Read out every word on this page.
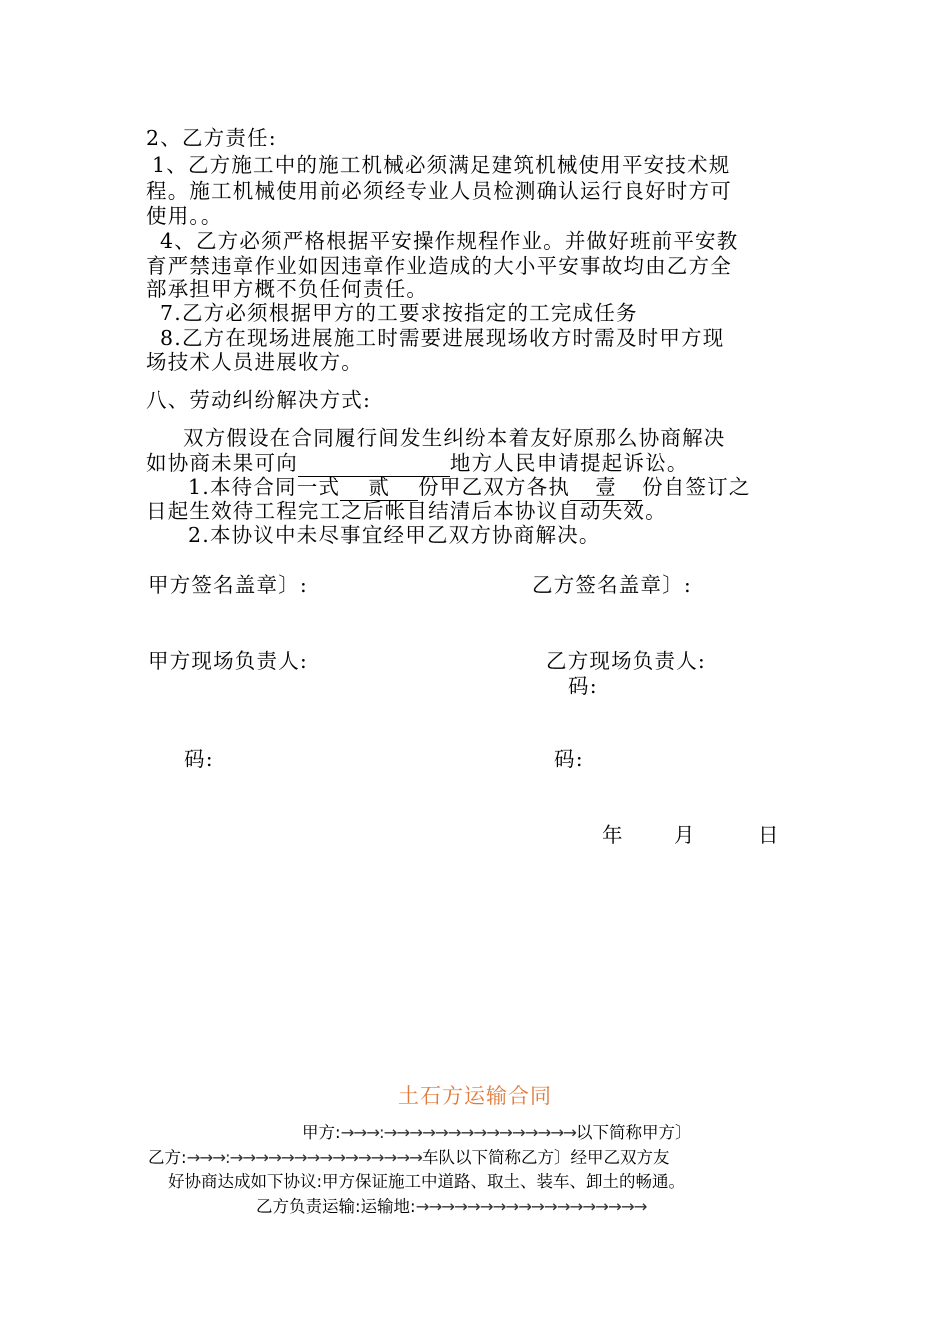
2、乙方责任:
1、乙方施工中的施工机械必须满足建筑机械使用平安技术规
程。施工机械使用前必须经专业人员检测确认运行良好时方可
使用。。
4、乙方必须严格根据平安操作规程作业。并做好班前平安教
育严禁违章作业如因违章作业造成的大小平安事故均由乙方全
部承担甲方概不负任何责任。
7.乙方必须根据甲方的工要求按指定的工完成任务
8.乙方在现场进展施工时需要进展现场收方时需及时甲方现
场技术人员进展收方。
八、劳动纠纷解决方式:
双方假设在合同履行间发生纠纷本着友好原那么协商解决
如协商未果可向	地方人民申请提起诉讼。
1.本待合同一式 贰 份甲乙双方各执 壹 份自签订之
日起生效待工程完工之后帐目结清后本协议自动失效。
2.本协议中未尽事宜经甲乙双方协商解决。
甲方签名盖章〕:	乙方签名盖章〕:
甲方现场负责人:	乙方现场负责人:
码:
码:	码:
年 月	日
土石方运输合同
甲方:→→→:→→→→→→→→→→→→→→→以下简称甲方〕
乙方:→→→:→→→→→→→→→→→→→→→车队以下简称乙方〕经甲乙双方友
好协商达成如下协议:甲方保证施工中道路、取土、装车、卸土的畅通。
乙方负责运输:运输地:→→→→→→→→→→→→→→→→→→
